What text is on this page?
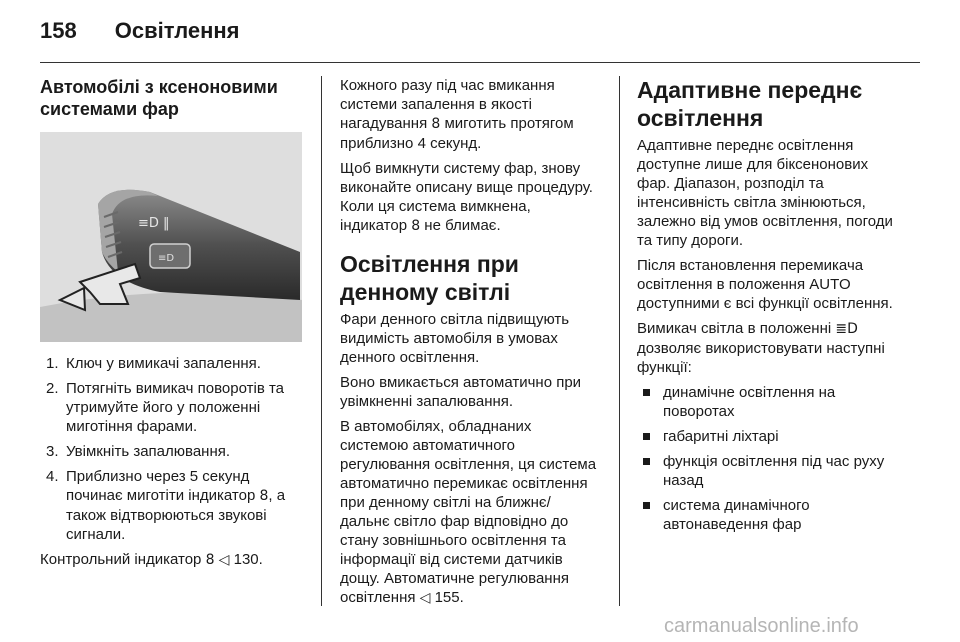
158 Освітлення
Автомобілі з ксеноновими системами фар
≡D
≡D ‖
1. Ключ у вимикачі запалення.
2. Потягніть вимикач поворотів та утримуйте його у положенні миготіння фарами.
3. Увімкніть запалювання.
4. Приблизно через 5 секунд починає миготіти індикатор 8, а також відтворюються звукові сигнали.

Контрольний індикатор 8 ◁ 130.

Кожного разу під час вмикання системи запалення в якості нагадування 8 миготить протягом приблизно 4 секунд.

Щоб вимкнути систему фар, знову виконайте описану вище процедуру. Коли ця система вимкнена, індикатор 8 не блимає.

Освітлення при денному світлі

Фари денного світла підвищують видимість автомобіля в умовах денного освітлення.

Воно вмикається автоматично при увімкненні запалювання.

В автомобілях, обладнаних системою автоматичного регулювання освітлення, ця система автоматично перемикає освітлення при денному світлі на ближнє/дальнє світло фар відповідно до стану зовнішнього освітлення та інформації від системи датчиків дощу. Автоматичне регулювання освітлення ◁ 155.

Адаптивне переднє освітлення

Адаптивне переднє освітлення доступне лише для біксенонових фар. Діапазон, розподіл та інтенсивність світла змінюються, залежно від умов освітлення, погоди та типу дороги.

Після встановлення перемикача освітлення в положення AUTO доступними є всі функції освітлення.

Вимикач світла в положенні ≣D дозволяє використовувати наступні функції:

динамічне освітлення на поворотах
габаритні ліхтарі
функція освітлення під час руху назад
система динамічного автонаведення фар
carmanualsonline.info
